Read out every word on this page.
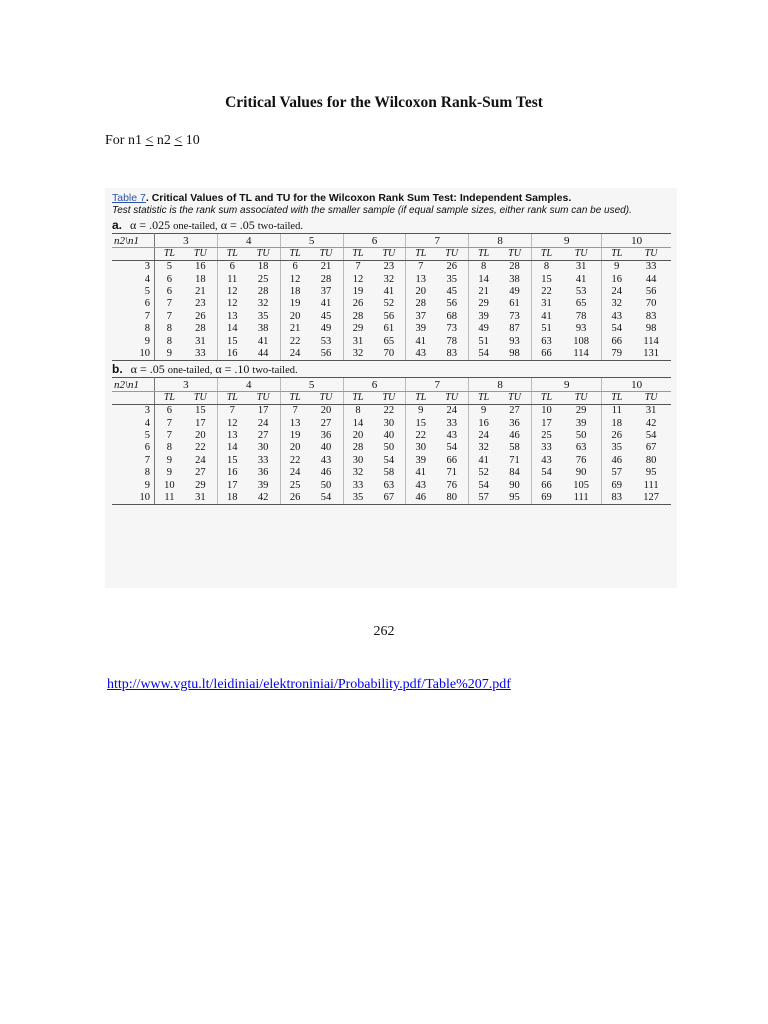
Critical Values for the Wilcoxon Rank-Sum Test
For n1 < n2 < 10
Table 7. Critical Values of TL and TU for the Wilcoxon Rank Sum Test: Independent Samples.
Test statistic is the rank sum associated with the smaller sample (if equal sample sizes, either rank sum can be used).
a. α = .025 one-tailed, α = .05 two-tailed.
n2\n1	3		4		5		6		7		8		9		10	
	TL	TU	TL	TU	TL	TU	TL	TU	TL	TU	TL	TU	TL	TU	TL	TU
3	5	16	6	18	6	21	7	23	7	26	8	28	8	31	9	33
4	6	18	11	25	12	28	12	32	13	35	14	38	15	41	16	44
5	6	21	12	28	18	37	19	41	20	45	21	49	22	53	24	56
6	7	23	12	32	19	41	26	52	28	56	29	61	31	65	32	70
7	7	26	13	35	20	45	28	56	37	68	39	73	41	78	43	83
8	8	28	14	38	21	49	29	61	39	73	49	87	51	93	54	98
9	8	31	15	41	22	53	31	65	41	78	51	93	63	108	66	114
10	9	33	16	44	24	56	32	70	43	83	54	98	66	114	79	131
b. α = .05 one-tailed, α = .10 two-tailed.
n2\n1	3		4		5		6		7		8		9		10	
	TL	TU	TL	TU	TL	TU	TL	TU	TL	TU	TL	TU	TL	TU	TL	TU
3	6	15	7	17	7	20	8	22	9	24	9	27	10	29	11	31
4	7	17	12	24	13	27	14	30	15	33	16	36	17	39	18	42
5	7	20	13	27	19	36	20	40	22	43	24	46	25	50	26	54
6	8	22	14	30	20	40	28	50	30	54	32	58	33	63	35	67
7	9	24	15	33	22	43	30	54	39	66	41	71	43	76	46	80
8	9	27	16	36	24	46	32	58	41	71	52	84	54	90	57	95
9	10	29	17	39	25	50	33	63	43	76	54	90	66	105	69	111
10	11	31	18	42	26	54	35	67	46	80	57	95	69	111	83	127
262
http://www.vgtu.lt/leidiniai/elektroniniai/Probability.pdf/Table%207.pdf
